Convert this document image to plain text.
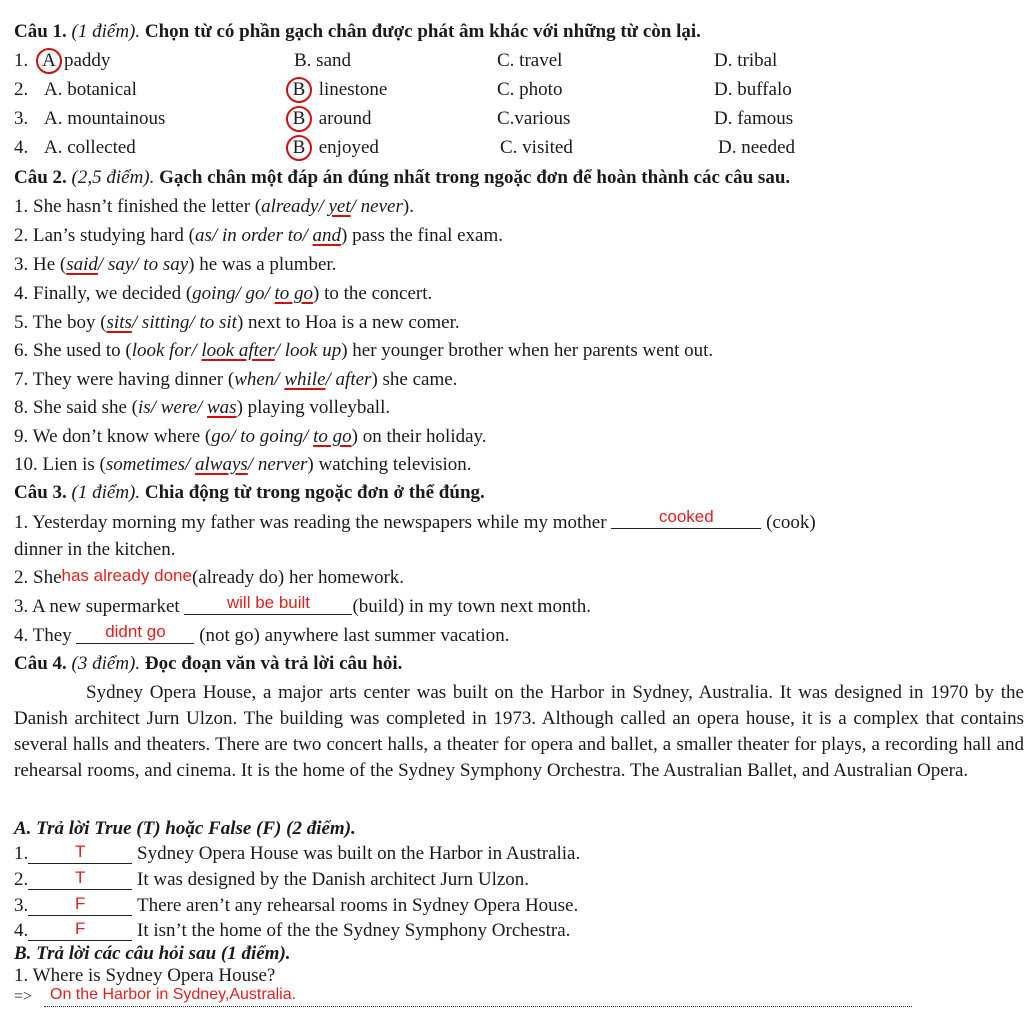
Câu 1. (1 điểm). Chọn từ có phần gạch chân được phát âm khác với những từ còn lại.
1. A paddy	B. sand	C. travel	D. tribal
2. A. botanical	B linestone	C. photo	D. buffalo
3. A. mountainous	B around	C.various	D. famous
4. A. collected	B enjoyed	C. visited	D. needed
Câu 2. (2,5 điểm). Gạch chân một đáp án đúng nhất trong ngoặc đơn để hoàn thành các câu sau.
1. She hasn’t finished the letter (already/ yet/ never).
2. Lan’s studying hard (as/ in order to/ and) pass the final exam.
3. He (said/ say/ to say) he was a plumber.
4. Finally, we decided (going/ go/ to go) to the concert.
5. The boy (sits/ sitting/ to sit) next to Hoa is a new comer.
6. She used to (look for/ look after/ look up) her younger brother when her parents went out.
7. They were having dinner (when/ while/ after) she came.
8. She said she (is/ were/ was) playing volleyball.
9. We don’t know where (go/ to going/ to go) on their holiday.
10. Lien is (sometimes/ always/ nerver) watching television.
Câu 3. (1 điểm). Chia động từ trong ngoặc đơn ở thể đúng.
1. Yesterday morning my father was reading the newspapers while my mother	cooked	(cook)
dinner in the kitchen.
2. Shehas already done(already do) her homework.
3. A new supermarket	will be built (build) in my town next month.
4. They didnt go (not go) anywhere last summer vacation.
Câu 4. (3 điểm). Đọc đoạn văn và trả lời câu hỏi.
Sydney Opera House, a major arts center was built on the Harbor in Sydney, Australia. It was designed in 1970 by the Danish architect Jurn Ulzon. The building was completed in 1973. Although called an opera house, it is a complex that contains several halls and theaters. There are two concert halls, a theater for opera and ballet, a smaller theater for plays, a recording hall and rehearsal rooms, and cinema. It is the home of the Sydney Symphony Orchestra. The Australian Ballet, and Australian Opera.
A. Trả lời True (T) hoặc False (F) (2 điểm).
1.	T	Sydney Opera House was built on the Harbor in Australia.
2.	T	It was designed by the Danish architect Jurn Ulzon.
3.	F	There aren’t any rehearsal rooms in Sydney Opera House.
4.	F	It isn’t the home of the the Sydney Symphony Orchestra.
B. Trả lời các câu hỏi sau (1 điểm).
1. Where is Sydney Opera House?
=> On the Harbor in Sydney,Australia.
